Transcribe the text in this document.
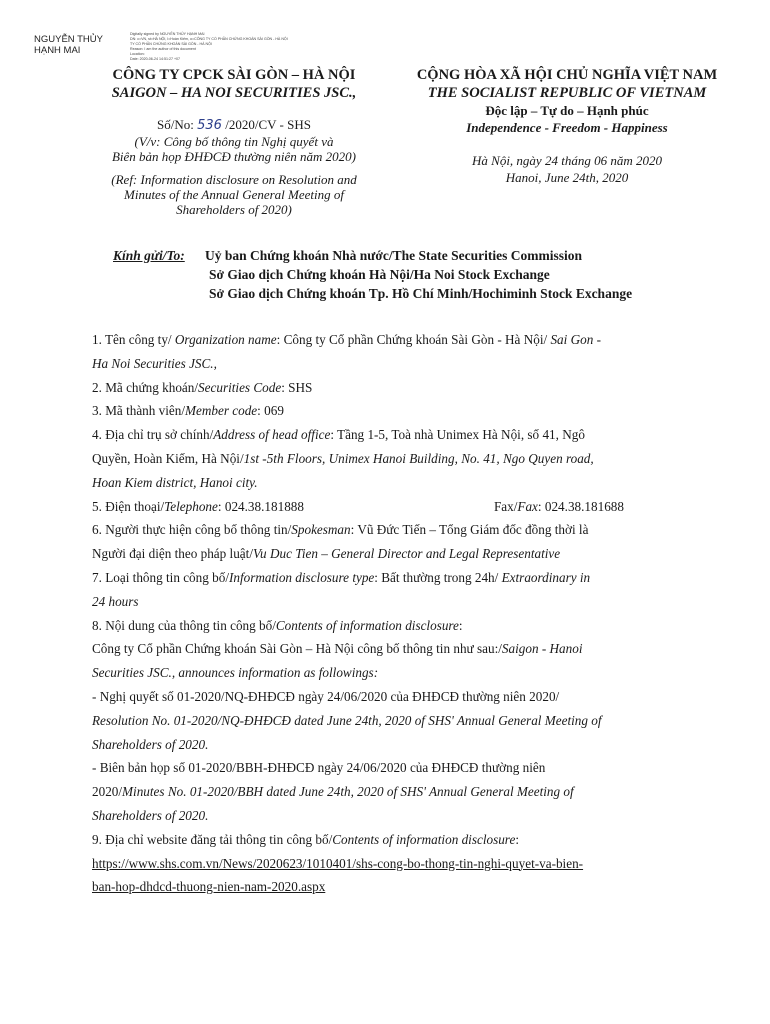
NGUYỄN THỦY
HẠNH MAI
Digitally signed by NGUYỄN THỦY HẠNH MAI
DN: c=VN, st=HÀ NỘI, l=Hoàn Kiếm, o=CÔNG TY CỔ PHẦN CHỨNG KHOÁN SÀI GÒN - HÀ NỘI
TY CỔ PHẦN CHỨNG KHOÁN SÀI GÒN - HÀ NỘI
Reason: I am the author of this document
Location:
Date: 2020-06-24 14:51:27 +07
CÔNG TY CPCK SÀI GÒN – HÀ NỘI
SAIGON – HA NOI SECURITIES JSC.,
Số/No: 536 /2020/CV - SHS
(V/v: Công bố thông tin Nghị quyết và
Biên bản họp ĐHĐCĐ thường niên năm 2020)
(Ref: Information disclosure on Resolution and
Minutes of the Annual General Meeting of
Shareholders of 2020)
CỘNG HÒA XÃ HỘI CHỦ NGHĨA VIỆT NAM
THE SOCIALIST REPUBLIC OF VIETNAM
Độc lập – Tự do – Hạnh phúc
Independence - Freedom - Happiness
Hà Nội, ngày 24 tháng 06 năm 2020
Hanoi, June 24th, 2020
Kính gửi/To: Uỷ ban Chứng khoán Nhà nước/The State Securities Commission
Sở Giao dịch Chứng khoán Hà Nội/Ha Noi Stock Exchange
Sở Giao dịch Chứng khoán Tp. Hồ Chí Minh/Hochiminh Stock Exchange

1. Tên công ty/ Organization name: Công ty Cổ phần Chứng khoán Sài Gòn - Hà Nội/ Sai Gon -

Ha Noi Securities JSC.,

2. Mã chứng khoán/Securities Code: SHS

3. Mã thành viên/Member code: 069

4. Địa chỉ trụ sở chính/Address of head office: Tầng 1-5, Toà nhà Unimex Hà Nội, số 41, Ngô

Quyền, Hoàn Kiếm, Hà Nội/1st -5th Floors, Unimex Hanoi Building, No. 41, Ngo Quyen road,

Hoan Kiem district, Hanoi city.

5. Điện thoại/Telephone: 024.38.181888	Fax/Fax: 024.38.181688

6. Người thực hiện công bố thông tin/Spokesman: Vũ Đức Tiến – Tổng Giám đốc đồng thời là

Người đại diện theo pháp luật/Vu Duc Tien – General Director and Legal Representative

7. Loại thông tin công bố/Information disclosure type: Bất thường trong 24h/ Extraordinary in

24 hours

8. Nội dung của thông tin công bố/Contents of information disclosure:

Công ty Cổ phần Chứng khoán Sài Gòn – Hà Nội công bố thông tin như sau:/Saigon - Hanoi

Securities JSC., announces information as followings:

- Nghị quyết số 01-2020/NQ-ĐHĐCĐ ngày 24/06/2020 của ĐHĐCĐ thường niên 2020/

Resolution No. 01-2020/NQ-ĐHĐCĐ dated June 24th, 2020 of SHS' Annual General Meeting of

Shareholders of 2020.

- Biên bản họp số 01-2020/BBH-ĐHĐCĐ ngày 24/06/2020 của ĐHĐCĐ thường niên

2020/Minutes No. 01-2020/BBH dated June 24th, 2020 of SHS' Annual General Meeting of

Shareholders of 2020.

9. Địa chỉ website đăng tải thông tin công bố/Contents of information disclosure:

https://www.shs.com.vn/News/2020623/1010401/shs-cong-bo-thong-tin-nghi-quyet-va-bien-

ban-hop-dhdcd-thuong-nien-nam-2020.aspx
